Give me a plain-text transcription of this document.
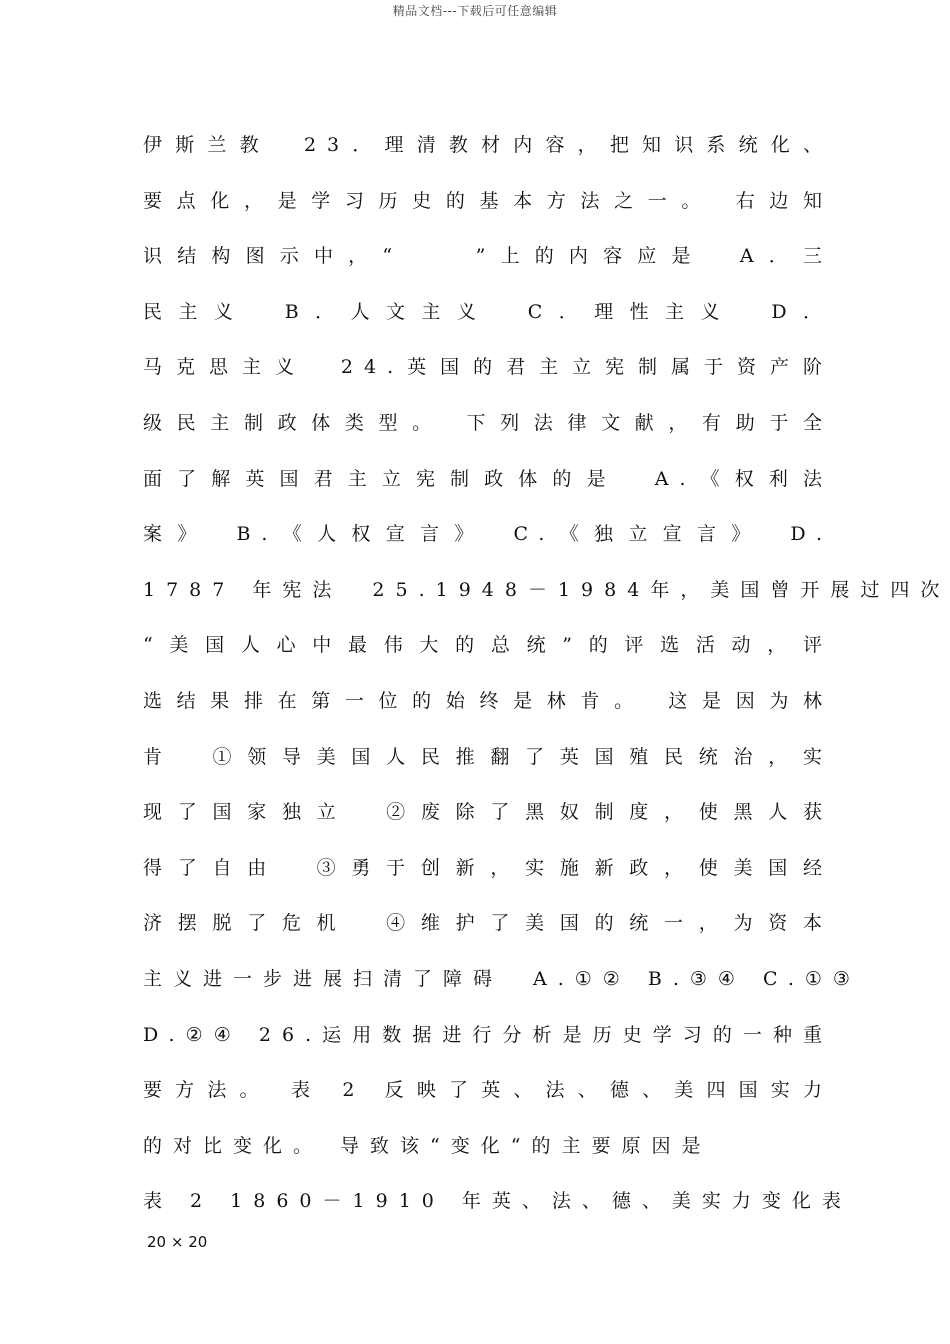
精品文档---下载后可任意编辑
伊斯兰教　23．理清教材内容，把知识系统化、
要点化，是学习历史的基本方法之一。 右边知
识结构图示中，“　　”上的内容应是　A．三
民主义　B．人文主义　C．理性主义　D．
马克思主义　24.英国的君主立宪制属于资产阶
级民主制政体类型。 下列法律文献，有助于全
面了解英国君主立宪制政体的是　A.《权利法
案》　B.《人权宣言》　C.《独立宣言》　D.
1787 年宪法　25.1948－1984年，美国曾开展过四次
“美国人心中最伟大的总统”的评选活动，评
选结果排在第一位的始终是林肯。 这是因为林
肯　①领导美国人民推翻了英国殖民统治，实
现了国家独立　②废除了黑奴制度，使黑人获
得了自由　③勇于创新，实施新政，使美国经
济摆脱了危机　④维护了美国的统一，为资本
主义进一步进展扫清了障碍　A.①② B.③④ C.①③
D.②④ 26.运用数据进行分析是历史学习的一种重
要方法。 表 2 反映了英、法、德、美四国实力
的对比变化。 导致该“变化“的主要原因是
表 2 1860－1910 年英、法、德、美实力变化表
20 × 20
